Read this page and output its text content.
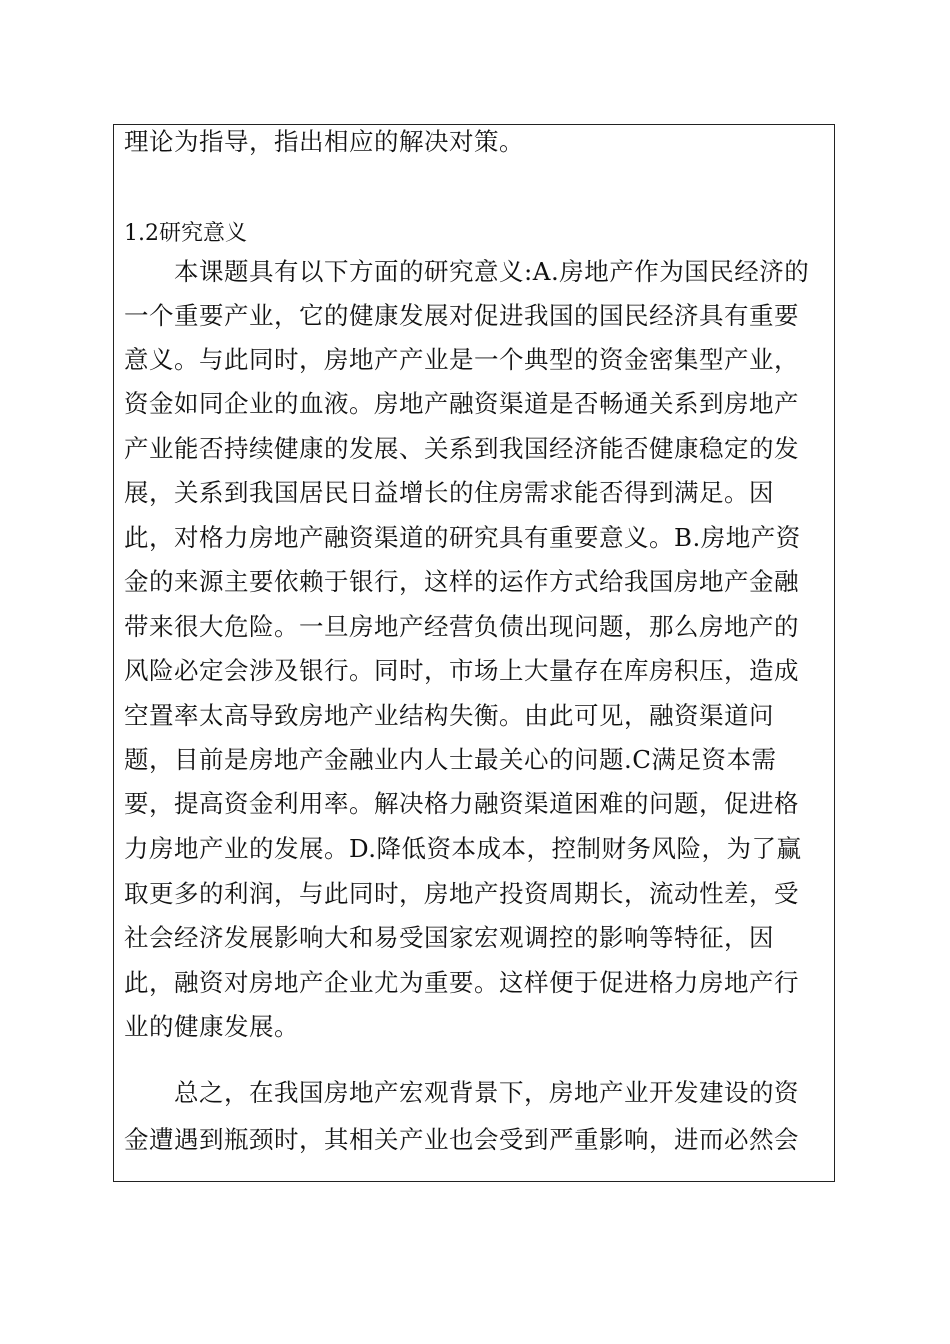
理论为指导，指出相应的解决对策。
1.2研究意义
　　本课题具有以下方面的研究意义:A.房地产作为国民经济的
一个重要产业，它的健康发展对促进我国的国民经济具有重要
意义。与此同时，房地产产业是一个典型的资金密集型产业，
资金如同企业的血液。房地产融资渠道是否畅通关系到房地产
产业能否持续健康的发展、关系到我国经济能否健康稳定的发
展，关系到我国居民日益增长的住房需求能否得到满足。因
此，对格力房地产融资渠道的研究具有重要意义。B.房地产资
金的来源主要依赖于银行，这样的运作方式给我国房地产金融
带来很大危险。一旦房地产经营负债出现问题，那么房地产的
风险必定会涉及银行。同时，市场上大量存在库房积压，造成
空置率太高导致房地产业结构失衡。由此可见，融资渠道问
题，目前是房地产金融业内人士最关心的问题.C满足资本需
要，提高资金利用率。解决格力融资渠道困难的问题，促进格
力房地产业的发展。D.降低资本成本，控制财务风险，为了赢
取更多的利润，与此同时，房地产投资周期长，流动性差，受
社会经济发展影响大和易受国家宏观调控的影响等特征，因
此，融资对房地产企业尤为重要。这样便于促进格力房地产行
业的健康发展。
　　总之，在我国房地产宏观背景下，房地产业开发建设的资
金遭遇到瓶颈时，其相关产业也会受到严重影响，进而必然会
